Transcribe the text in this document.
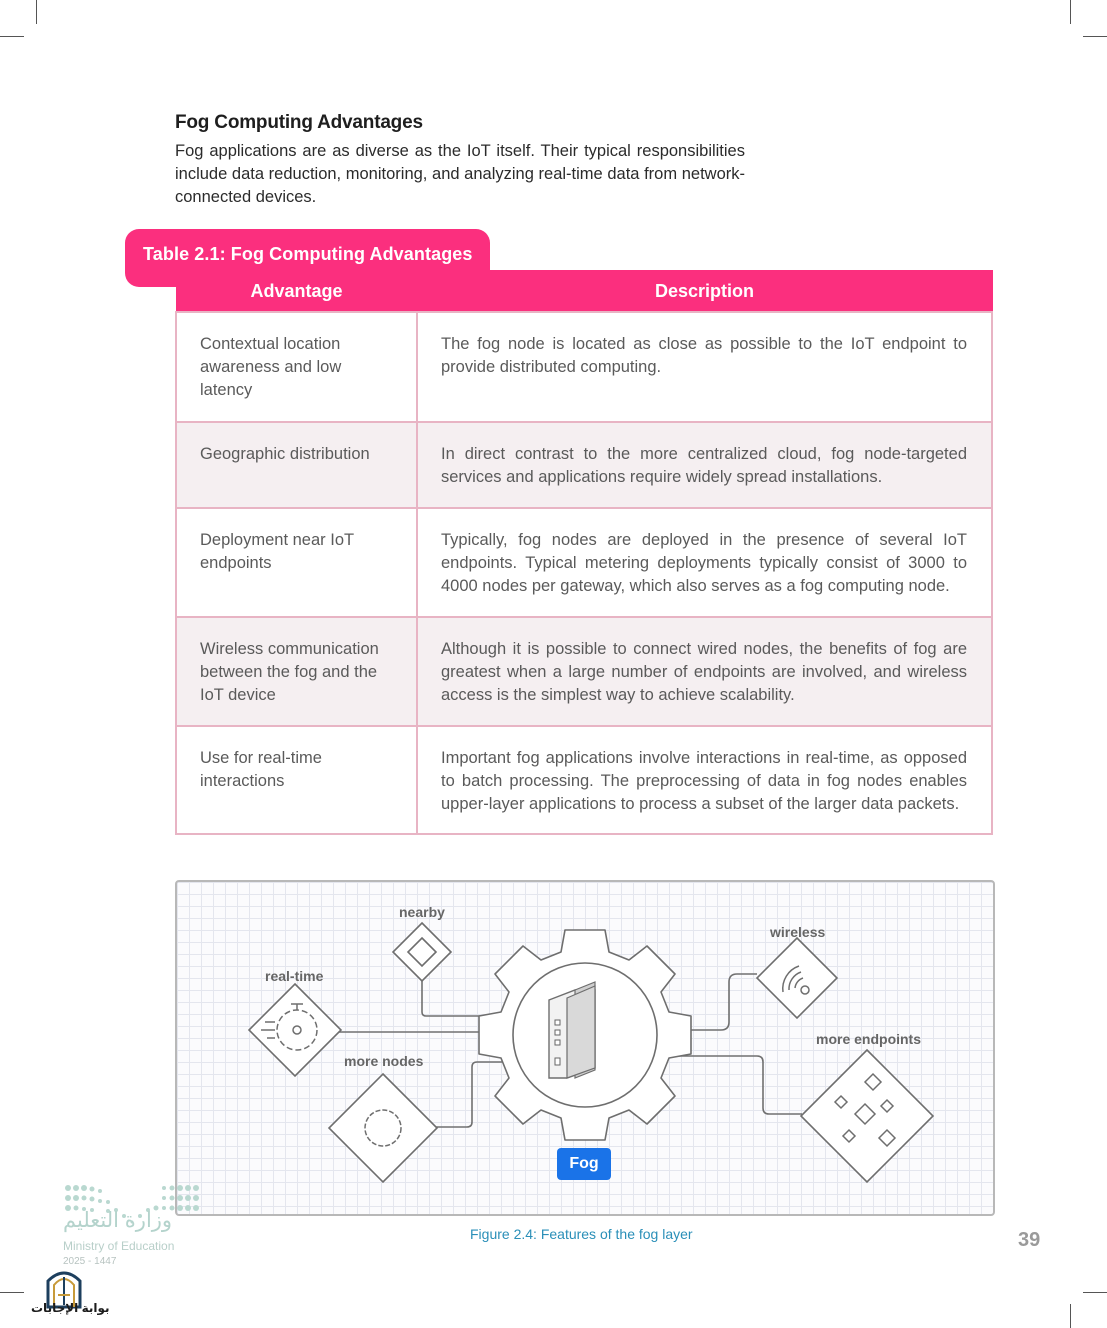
Fog Computing Advantages
Fog applications are as diverse as the IoT itself. Their typical responsibilities include data reduction, monitoring, and analyzing real-time data from network-connected devices.
Table 2.1: Fog Computing Advantages
Advantage	Description
Contextual location awareness and low latency	The fog node is located as close as possible to the IoT endpoint to provide distributed computing.
Geographic distribution	In direct contrast to the more centralized cloud, fog node-targeted services and applications require widely spread installations.
Deployment near IoT endpoints	Typically, fog nodes are deployed in the presence of several IoT endpoints. Typical metering deployments typically consist of 3000 to 4000 nodes per gateway, which also serves as a fog computing node.
Wireless communication between the fog and the IoT device	Although it is possible to connect wired nodes, the benefits of fog are greatest when a large number of endpoints are involved, and wireless access is the simplest way to achieve scalability.
Use for real-time interactions	Important fog applications involve interactions in real-time, as opposed to batch processing. The preprocessing of data in fog nodes enables upper-layer applications to process a subset of the larger data packets.
nearby
real-time
more nodes
wireless
more endpoints
Fog
Figure 2.4: Features of the fog layer	39
وزارة التعليم
Ministry of Education
2025 - 1447
بوابة الإجابات
